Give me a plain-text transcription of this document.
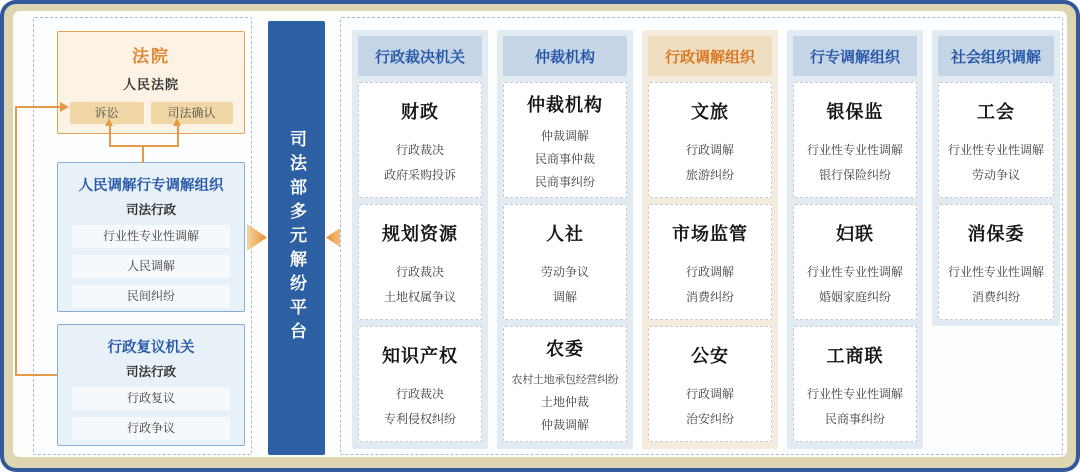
法院
人民法院
诉讼	司法确认
人民调解行专调解组织
司法行政
行业性专业性调解
人民调解
民间纠纷
行政复议机关
司法行政
行政复议
行政争议
司法部多元解纷平台
行政裁决机关
财政
行政裁决
政府采购投诉
规划资源
行政裁决
土地权属争议
知识产权
行政裁决
专利侵权纠纷
仲裁机构
仲裁机构
仲裁调解
民商事仲裁
民商事纠纷
人社
劳动争议
调解
农委
农村土地承包经营纠纷
土地仲裁
仲裁调解
行政调解组织
文旅
行政调解
旅游纠纷
市场监管
行政调解
消费纠纷
公安
行政调解
治安纠纷
行专调解组织
银保监
行业性专业性调解
银行保险纠纷
妇联
行业性专业性调解
婚姻家庭纠纷
工商联
行业性专业性调解
民商事纠纷
社会组织调解
工会
行业性专业性调解
劳动争议
消保委
行业性专业性调解
消费纠纷
